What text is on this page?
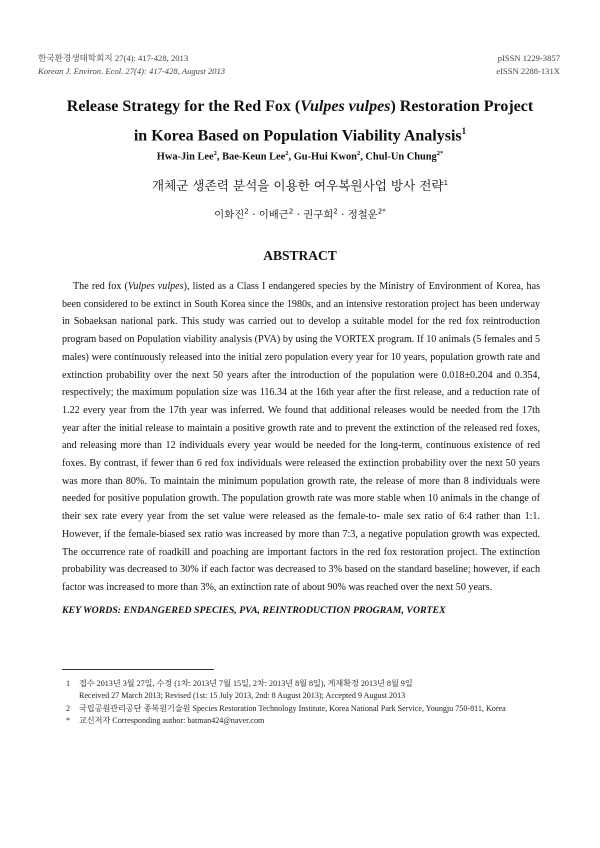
한국환경생태학회지 27(4): 417-428, 2013
Korean J. Environ. Ecol. 27(4): 417-428, August 2013
pISSN 1229-3857
eISSN 2288-131X
Release Strategy for the Red Fox (Vulpes vulpes) Restoration Project
in Korea Based on Population Viability Analysis$^1$
Hwa-Jin Lee$^2$, Bae-Keun Lee$^2$, Gu-Hui Kwon$^2$, Chul-Un Chung$^{2*}$
개체군 생존력 분석을 이용한 여우복원사업 방사 전략$^1$
이화진$^2$ · 이배근$^2$ · 권구희$^2$ · 정철운$^{2*}$
ABSTRACT

The red fox (Vulpes vulpes), listed as a Class I endangered species by the Ministry of Environment of Korea, has been considered to be extinct in South Korea since the 1980s, and an intensive restoration project has been underway in Sobaeksan national park. This study was carried out to develop a suitable model for the red fox reintroduction program based on Population viability analysis (PVA) by using the VORTEX program. If 10 animals (5 females and 5 males) were continuously released into the initial zero population every year for 10 years, population growth rate and extinction probability over the next 50 years after the introduction of the population were 0.018±0.204 and 0.354, respectively; the maximum population size was 116.34 at the 16th year after the first release, and a reduction rate of 1.22 every year from the 17th year was inferred. We found that additional releases would be needed from the 17th year after the initial release to maintain a positive growth rate and to prevent the extinction of the released red foxes, and releasing more than 12 individuals every year would be needed for the long-term, continuous existence of red foxes. By contrast, if fewer than 6 red fox individuals were released the extinction probability over the next 50 years was more than 80%. To maintain the minimum population growth rate, the release of more than 8 individuals were needed for positive population growth. The population growth rate was more stable when 10 animals in the change of their sex rate every year from the set value were released as the female-to- male sex ratio of 6:4 rather than 1:1. However, if the female-biased sex ratio was increased by more than 7:3, a negative population growth was expected. The occurrence rate of roadkill and poaching are important factors in the red fox restoration project. The extinction probability was decreased to 30% if each factor was decreased to 3% based on the standard baseline; however, if each factor was increased to more than 3%, an extinction rate of about 90% was reached over the next 50 years.

KEY WORDS: ENDANGERED SPECIES, PVA, REINTRODUCTION PROGRAM, VORTEX
1 접수 2013년 3월 27일, 수정 (1차: 2013년 7월 15일, 2차: 2013년 8월 8일), 게재확정 2013년 8월 9일
Received 27 March 2013; Revised (1st: 15 July 2013, 2nd: 8 August 2013); Accepted 9 August 2013
2 국립공원관리공단 종복원기술원 Species Restoration Technology Institute, Korea National Park Service, Youngju 750-811, Korea
* 교신저자 Corresponding author: batman424@naver.com
